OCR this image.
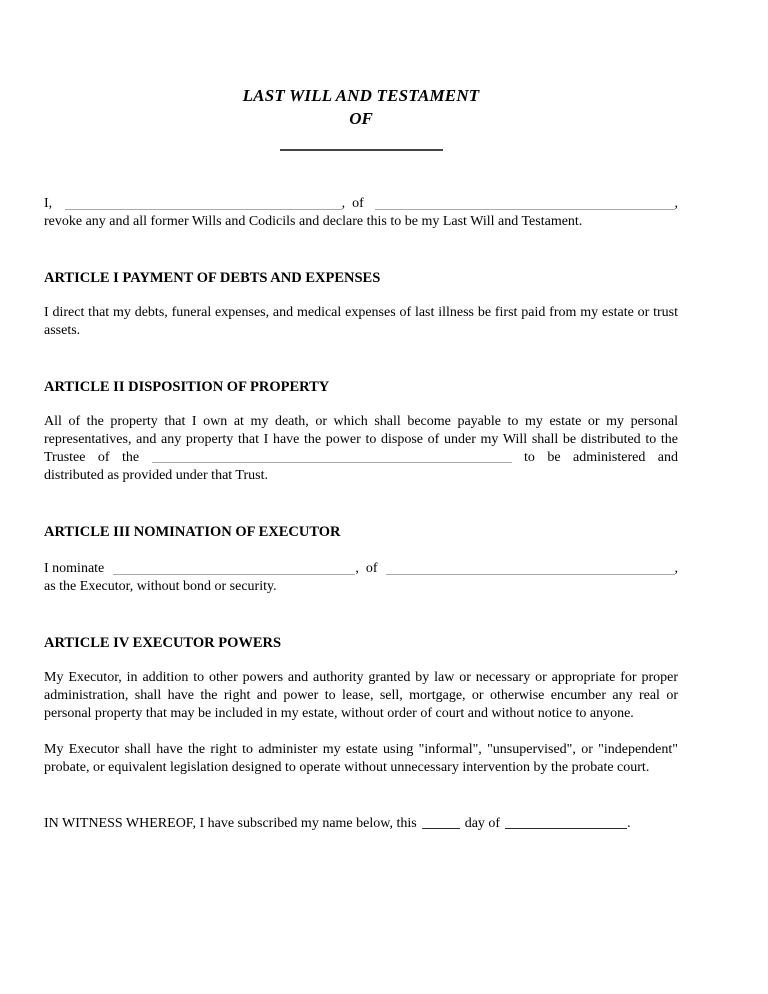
LAST WILL AND TESTAMENT
OF
I,	,  of	,
revoke any and all former Wills and Codicils and declare this to be my Last Will and Testament.
ARTICLE I PAYMENT OF DEBTS AND EXPENSES

I direct that my debts, funeral expenses, and medical expenses of last illness be first paid from my estate or trust assets.

ARTICLE II DISPOSITION OF PROPERTY

All of the property that I own at my death, or which shall become payable to my estate or my personal representatives, and any property that I have the power to dispose of under my Will shall be distributed to the Trustee of the	to be administered and distributed as provided under that Trust.

ARTICLE III NOMINATION OF EXECUTOR
I nominate	,  of	,
as the Executor, without bond or security.
ARTICLE IV EXECUTOR POWERS

My Executor, in addition to other powers and authority granted by law or necessary or appropriate for proper administration, shall have the right and power to lease, sell, mortgage, or otherwise encumber any real or personal property that may be included in my estate, without order of court and without notice to anyone.

My Executor shall have the right to administer my estate using "informal", "unsupervised", or "independent" probate, or equivalent legislation designed to operate without unnecessary intervention by the probate court.

IN WITNESS WHEREOF, I have subscribed my name below, this	day of	.
